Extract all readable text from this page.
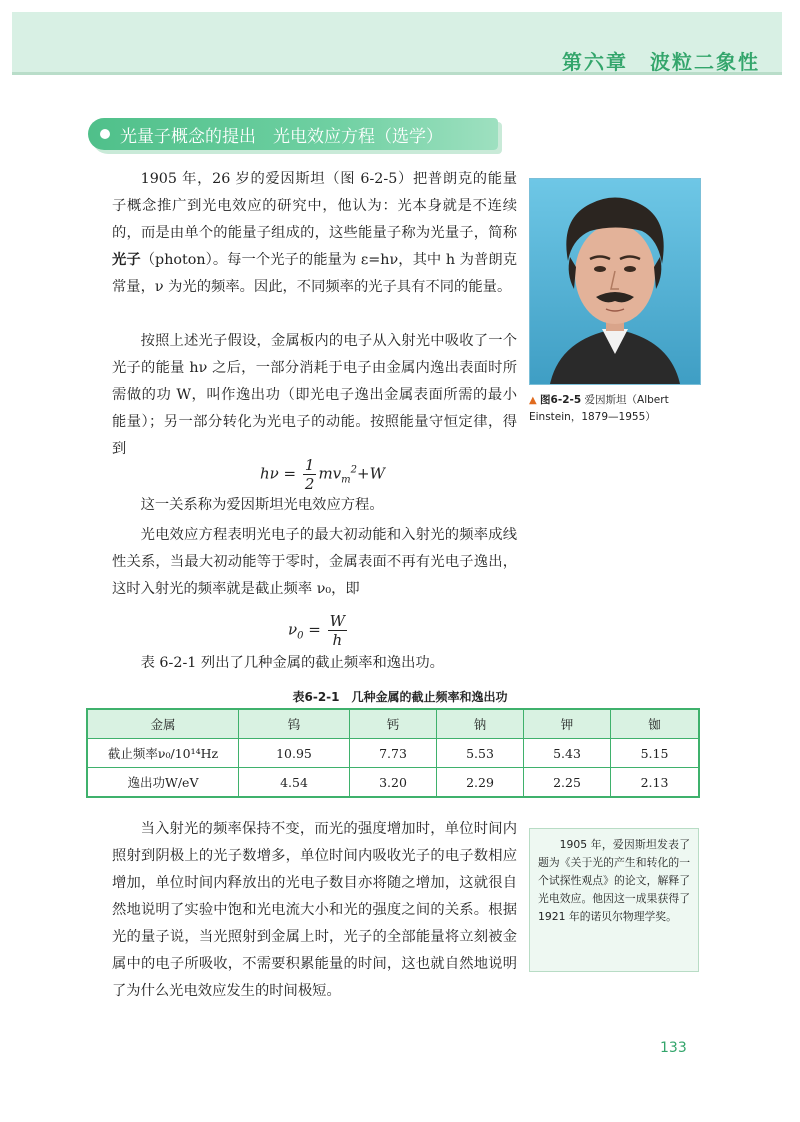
第六章　波粒二象性
光量子概念的提出　光电效应方程（选学）
1905 年，26 岁的爱因斯坦（图 6-2-5）把普朗克的能量子概念推广到光电效应的研究中，他认为：光本身就是不连续的，而是由单个的能量子组成的，这些能量子称为光量子，简称光子（photon）。每一个光子的能量为 ε=hν，其中 h 为普朗克常量，ν 为光的频率。因此，不同频率的光子具有不同的能量。
按照上述光子假设，金属板内的电子从入射光中吸收了一个光子的能量 hν 之后，一部分消耗于电子由金属内逸出表面时所需做的功 W，叫作逸出功（即光电子逸出金属表面所需的最小能量）；另一部分转化为光电子的动能。按照能量守恒定律，得到
$h\nu = \frac{1}{2} mv_m^2+W$
这一关系称为爱因斯坦光电效应方程。
光电效应方程表明光电子的最大初动能和入射光的频率成线性关系，当最大初动能等于零时，金属表面不再有光电子逸出，这时入射光的频率就是截止频率 ν₀，即
$\nu_0 = \frac{W}{h}$
表 6-2-1 列出了几种金属的截止频率和逸出功。
▲ 图6-2-5 爱因斯坦（Albert Einstein，1879—1955）
表6-2-1　几种金属的截止频率和逸出功
金属	钨	钙	钠	钾	铷
截止频率ν₀/10¹⁴Hz	10.95	7.73	5.53	5.43	5.15
逸出功W/eV	4.54	3.20	2.29	2.25	2.13
当入射光的频率保持不变，而光的强度增加时，单位时间内照射到阴极上的光子数增多，单位时间内吸收光子的电子数相应增加，单位时间内释放出的光电子数目亦将随之增加，这就很自然地说明了实验中饱和光电流大小和光的强度之间的关系。根据光的量子说，当光照射到金属上时，光子的全部能量将立刻被金属中的电子所吸收，不需要积累能量的时间，这也就自然地说明了为什么光电效应发生的时间极短。
1905 年，爱因斯坦发表了题为《关于光的产生和转化的一个试探性观点》的论文，解释了光电效应。他因这一成果获得了 1921 年的诺贝尔物理学奖。
133
